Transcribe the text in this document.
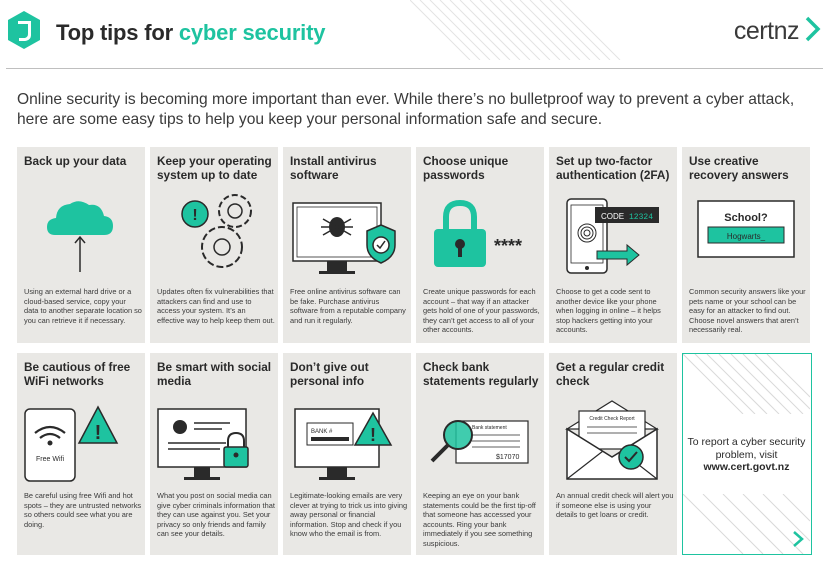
Top tips for cyber security	certnz
Online security is becoming more important than ever. While there’s no bulletproof way to prevent a cyber attack, here are some easy tips to help you keep your personal information safe and secure.
Back up your data
Using an external hard drive or a cloud-based service, copy your data to another separate location so you can retrieve it if necessary.
Keep your operating system up to date
!
Updates often fix vulnerabilities that attackers can find and use to access your system. It’s an effective way to help keep them out.
Install antivirus software
Free online antivirus software can be fake. Purchase antivirus software from a reputable company and run it regularly.
Choose unique passwords
****
Create unique passwords for each account – that way if an attacker gets hold of one of your passwords, they can’t get access to all of your other accounts.
Set up two-factor authentication (2FA)
CODE 12324
Choose to get a code sent to another device like your phone when logging in online – it helps stop hackers getting into your accounts.
Use creative recovery answers
School?
Hogwarts_
Common security answers like your pets name or your school can be easy for an attacker to find out. Choose novel answers that aren’t necessarily real.
Be cautious of free WiFi networks
Free Wifi
!
Be careful using free Wifi and hot spots – they are untrusted networks so others could see what you are doing.
Be smart with social media
What you post on social media can give cyber criminals information that they can use against you. Set your privacy so only friends and family can see your details.
Don’t give out personal info
BANK # !
Legitimate-looking emails are very clever at trying to trick us into giving away personal or financial information. Stop and check if you know who the email is from.
Check bank statements regularly
Bank statement
$17070
Keeping an eye on your bank statements could be the first tip-off that someone has accessed your accounts. Ring your bank immediately if you see something suspicious.
Get a regular credit check
Credit Check Report
An annual credit check will alert you if someone else is using your details to get loans or credit.
To report a cyber security problem, visit
www.cert.govt.nz
